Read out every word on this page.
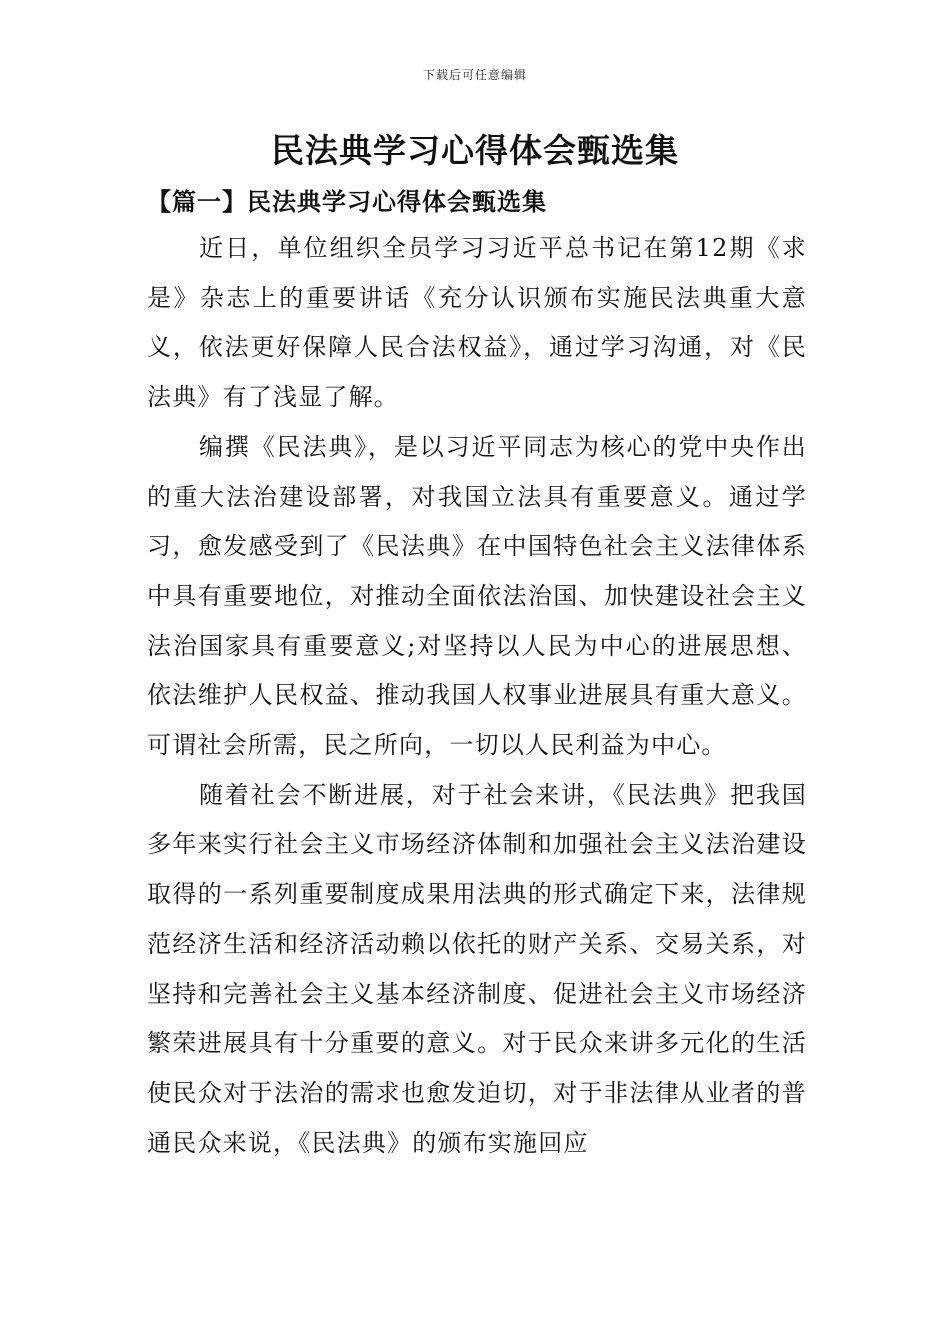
下载后可任意编辑
民法典学习心得体会甄选集
【篇一】民法典学习心得体会甄选集

近日，单位组织全员学习习近平总书记在第12期《求是》杂志上的重要讲话《充分认识颁布实施民法典重大意义，依法更好保障人民合法权益》，通过学习沟通，对《民法典》有了浅显了解。

编撰《民法典》，是以习近平同志为核心的党中央作出的重大法治建设部署，对我国立法具有重要意义。通过学习，愈发感受到了《民法典》在中国特色社会主义法律体系中具有重要地位，对推动全面依法治国、加快建设社会主义法治国家具有重要意义;对坚持以人民为中心的进展思想、依法维护人民权益、推动我国人权事业进展具有重大意义。可谓社会所需，民之所向，一切以人民利益为中心。

随着社会不断进展，对于社会来讲，《民法典》把我国多年来实行社会主义市场经济体制和加强社会主义法治建设取得的一系列重要制度成果用法典的形式确定下来，法律规范经济生活和经济活动赖以依托的财产关系、交易关系，对坚持和完善社会主义基本经济制度、促进社会主义市场经济繁荣进展具有十分重要的意义。对于民众来讲多元化的生活使民众对于法治的需求也愈发迫切，对于非法律从业者的普通民众来说，《民法典》的颁布实施回应
